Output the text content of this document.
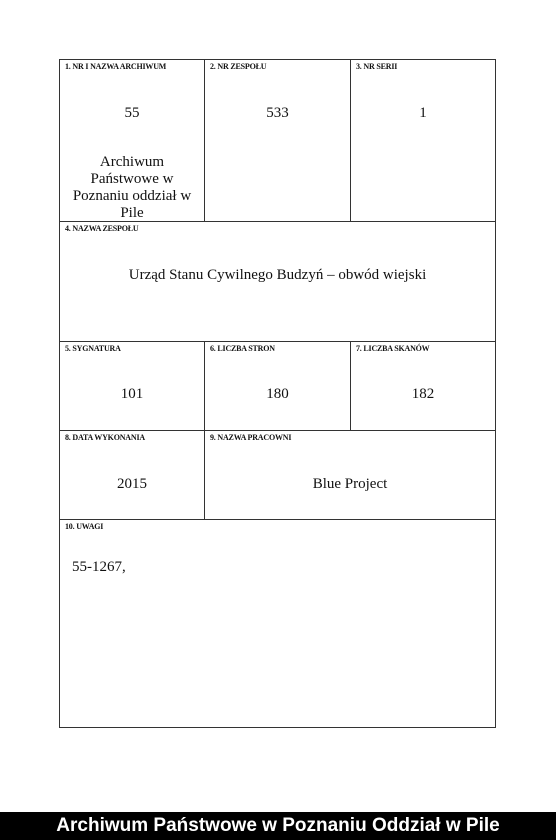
1. NR I NAZWA ARCHIWUM
55
Archiwum Państwowe w Poznaniu oddział w Pile
2. NR ZESPOŁU
533
3. NR SERII
1
4. NAZWA ZESPOŁU
Urząd Stanu Cywilnego Budzyń – obwód wiejski
5. SYGNATURA
101
6. LICZBA STRON
180
7. LICZBA SKANÓW
182
8. DATA WYKONANIA
2015
9. NAZWA PRACOWNI
Blue Project
10. UWAGI
55-1267,
Archiwum Państwowe w Poznaniu Oddział w Pile
